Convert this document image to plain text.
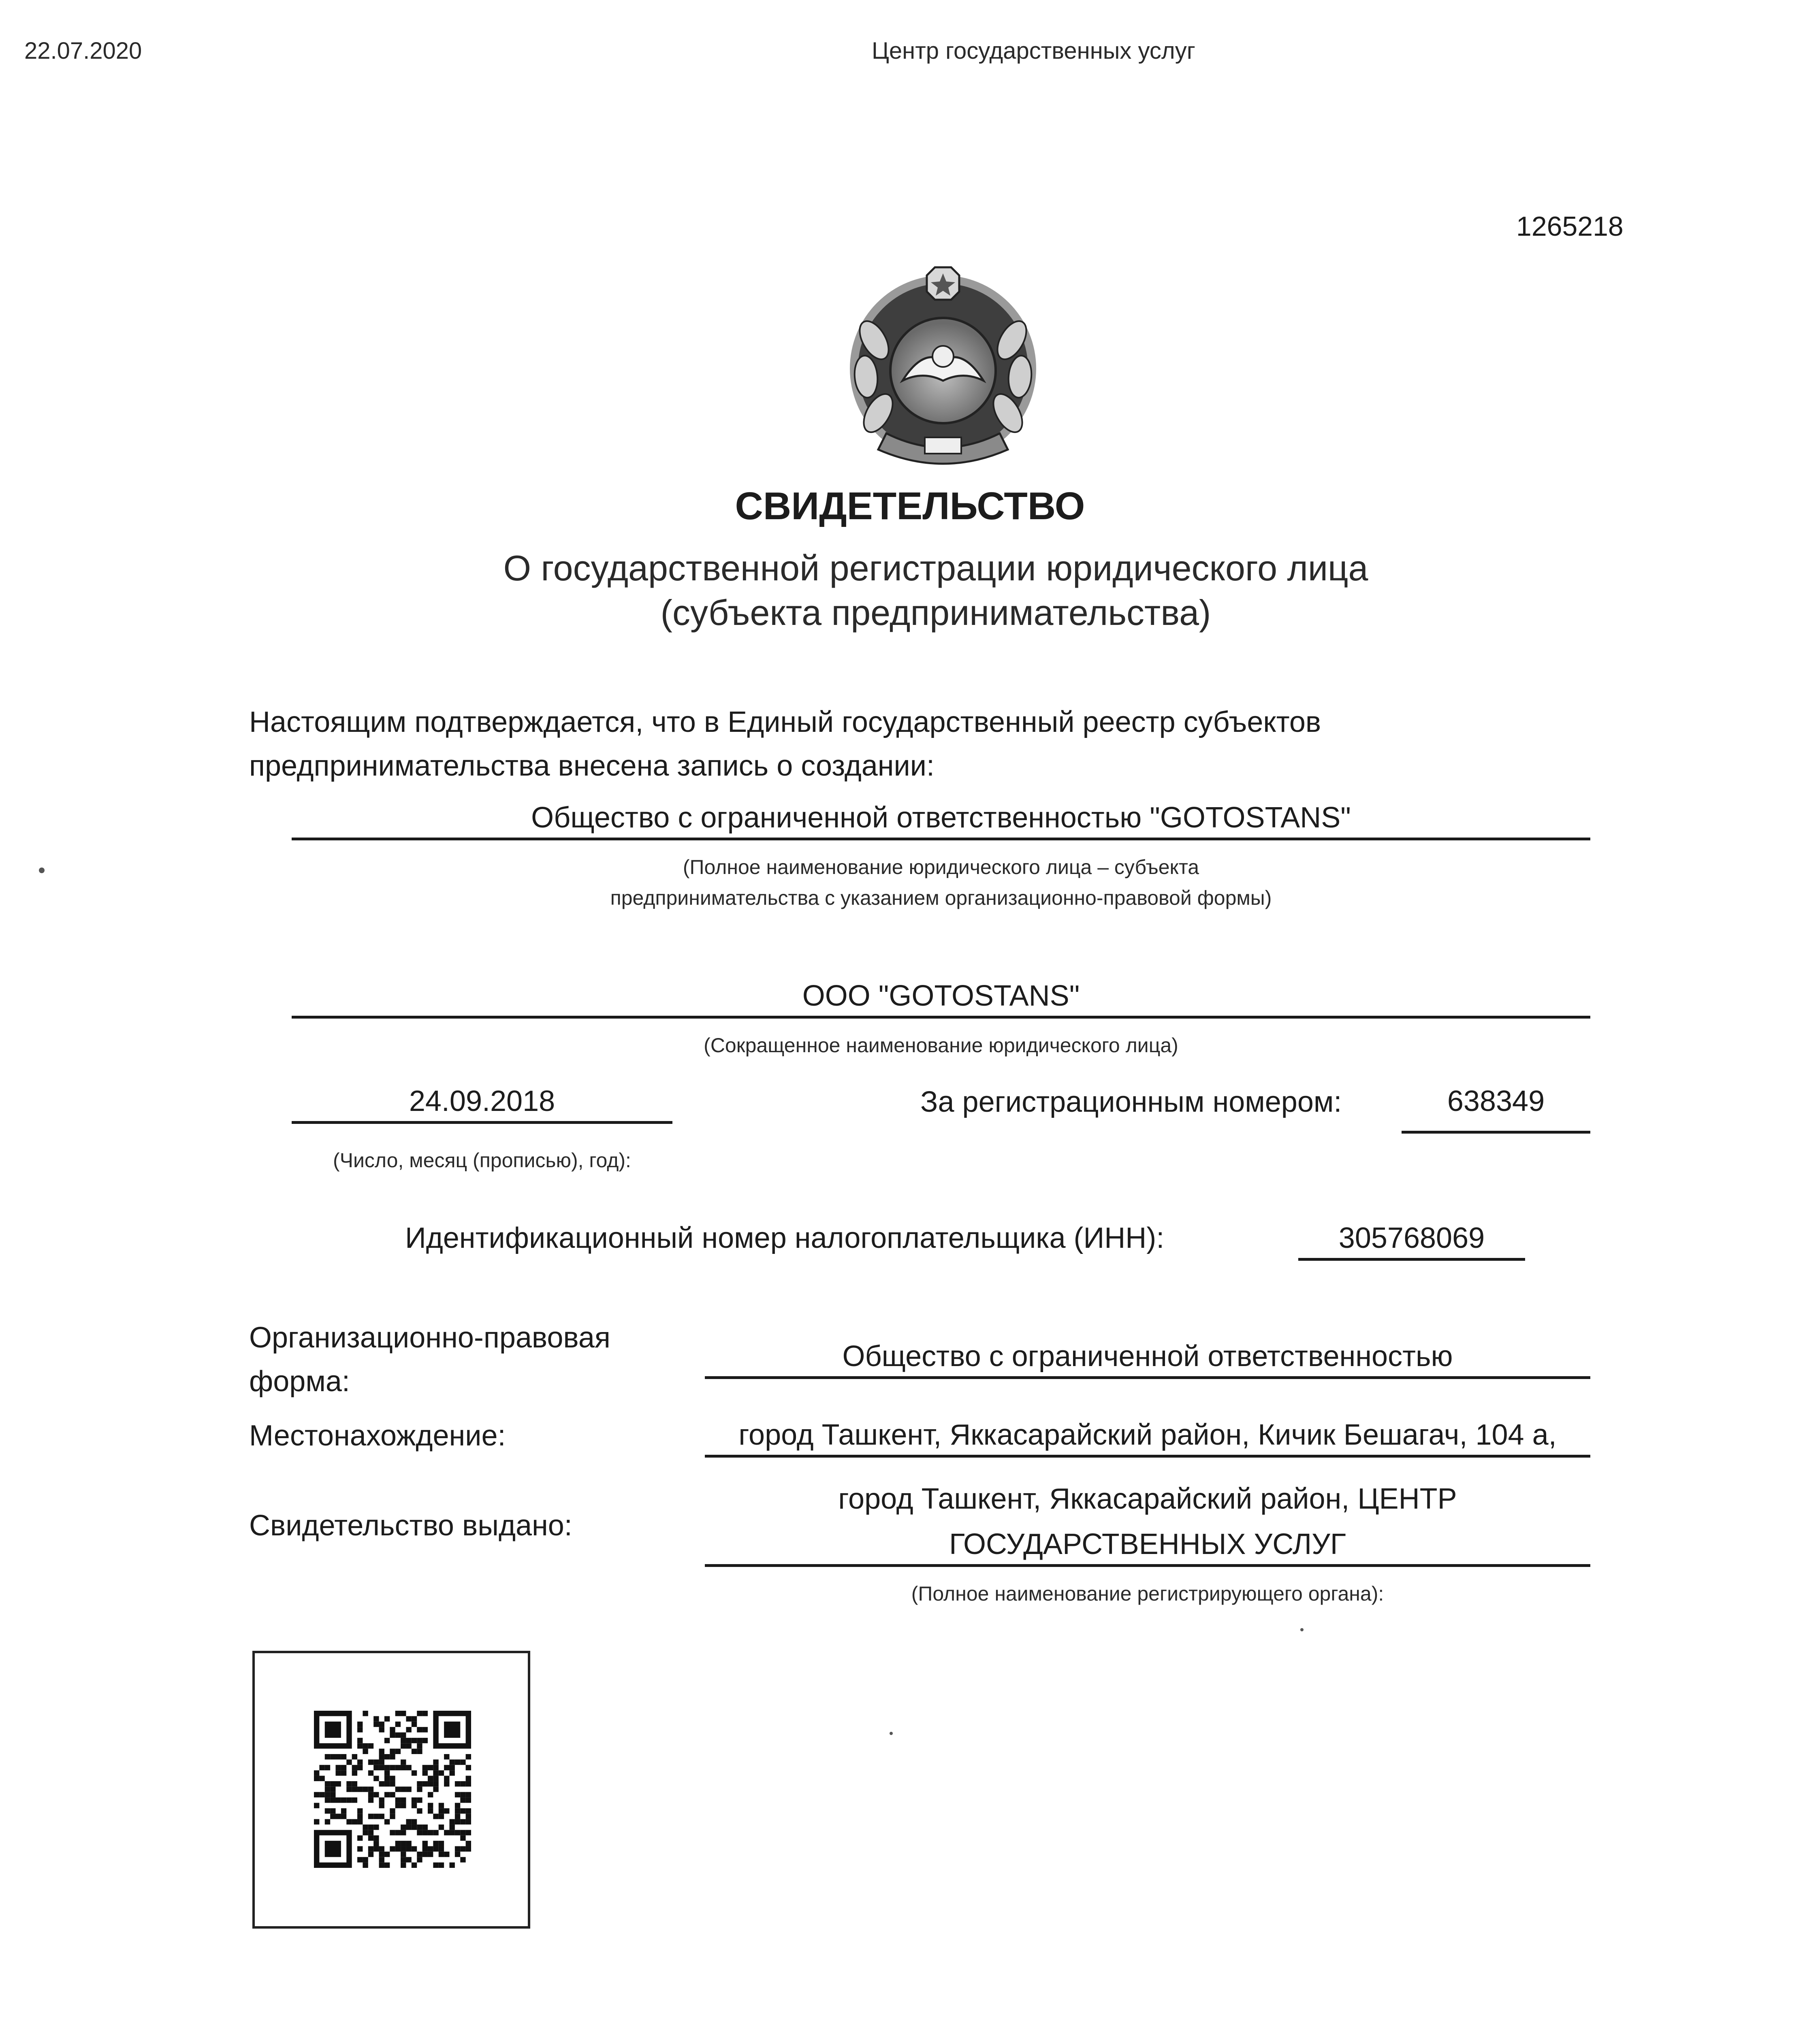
22.07.2020	Центр государственных услуг
1265218
СВИДЕТЕЛЬСТВО
О государственной регистрации юридического лица
(субъекта предпринимательства)
Настоящим подтверждается, что в Единый государственный реестр субъектов
предпринимательства внесена запись о создании:
Общество с ограниченной ответственностью "GOTOSTANS"
(Полное наименование юридического лица – субъекта
предпринимательства с указанием организационно-правовой формы)
ООО "GOTOSTANS"
(Сокращенное наименование юридического лица)
24.09.2018
(Число, месяц (прописью), год):
За регистрационным номером:	638349
Идентификационный номер налогоплательщика (ИНН):	305768069
Организационно-правовая
форма:
Общество с ограниченной ответственностью
Местонахождение:	город Ташкент, Яккасарайский район, Кичик Бешагач, 104 а,
Свидетельство выдано:
город Ташкент, Яккасарайский район, ЦЕНТР
ГОСУДАРСТВЕННЫХ УСЛУГ
(Полное наименование регистрирующего органа):
